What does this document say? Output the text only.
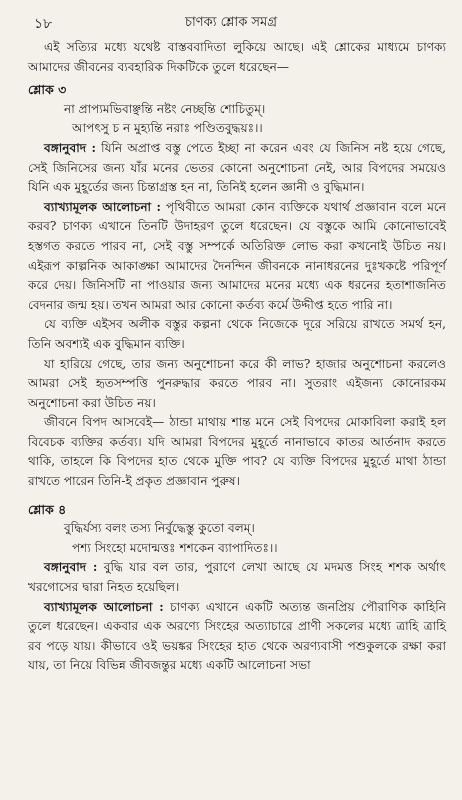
১৮	চাণক্য শ্লোক সমগ্র

এই সত্যির মধ্যে যথেষ্ট বাস্তববাদিতা লুকিয়ে আছে। এই শ্লোকের মাধ্যমে চাণক্য আমাদের জীবনের ব্যবহারিক দিকটিকে তুলে ধরেছেন—

শ্লোক ৩
না প্রাপ্যমভিবাঞ্ছন্তি নষ্টং নেচ্ছন্তি শোচিতুম্।
আপৎসু চ ন মুহ্যন্তি নরাঃ পণ্ডিতবুদ্ধয়ঃ।।

বঙ্গানুবাদ : যিনি অপ্রাপ্ত বস্তু পেতে ইচ্ছা না করেন এবং যে জিনিস নষ্ট হয়ে গেছে, সেই জিনিসের জন্য যাঁর মনের ভেতর কোনো অনুশোচনা নেই, আর বিপদের সময়েও যিনি এক মুহূর্তের জন্য চিন্তাগ্রস্ত হন না, তিনিই হলেন জ্ঞানী ও বুদ্ধিমান।

ব্যাখ্যামূলক আলোচনা : পৃথিবীতে আমরা কোন ব্যক্তিকে যথার্থ প্রজ্ঞাবান বলে মনে করব? চাণক্য এখানে তিনটি উদাহরণ তুলে ধরেছেন। যে বস্তুকে আমি কোনোভাবেই হস্তগত করতে পারব না, সেই বস্তু সম্পর্কে অতিরিক্ত লোভ করা কখনোই উচিত নয়। এইরূপ কাল্পনিক আকাঙ্ক্ষা আমাদের দৈনন্দিন জীবনকে নানাধরনের দুঃখকষ্টে পরিপূর্ণ করে দেয়। জিনিসটি না পাওয়ার জন্য আমাদের মনের মধ্যে এক ধরনের হতাশাজনিত বেদনার জন্ম হয়। তখন আমরা আর কোনো কর্তব্য কর্মে উদ্দীপ্ত হতে পারি না।

যে ব্যক্তি এইসব অলীক বস্তুর কল্পনা থেকে নিজেকে দূরে সরিয়ে রাখতে সমর্থ হন, তিনি অবশ্যই এক বুদ্ধিমান ব্যক্তি।

যা হারিয়ে গেছে, তার জন্য অনুশোচনা করে কী লাভ? হাজার অনুশোচনা করলেও আমরা সেই হৃতসম্পত্তি পুনরুদ্ধার করতে পারব না। সুতরাং এইজন্য কোনোরকম অনুশোচনা করা উচিত নয়।

জীবনে বিপদ আসবেই— ঠান্ডা মাথায় শান্ত মনে সেই বিপদের মোকাবিলা করাই হল বিবেচক ব্যক্তির কর্তব্য। যদি আমরা বিপদের মুহূর্তে নানাভাবে কাতর আর্তনাদ করতে থাকি, তাহলে কি বিপদের হাত থেকে মুক্তি পাব? যে ব্যক্তি বিপদের মুহূর্তে মাথা ঠান্ডা রাখতে পারেন তিনি-ই প্রকৃত প্রজ্ঞাবান পুরুষ।

শ্লোক ৪
বুদ্ধির্যস্য বলং তস্য নির্বুদ্ধেস্তু কুতো বলম্।
পশ্য সিংহো মদোন্মত্তঃ শশকেন ব্যাপাদিতঃ।।

বঙ্গানুবাদ : বুদ্ধি যার বল তার, পুরাণে লেখা আছে যে মদমত্ত সিংহ শশক অর্থাৎ খরগোসের দ্বারা নিহত হয়েছিল।

ব্যাখ্যামূলক আলোচনা : চাণক্য এখানে একটি অত্যন্ত জনপ্রিয় পৌরাণিক কাহিনি তুলে ধরেছেন। একবার এক অরণ্যে সিংহের অত্যাচারে প্রাণী সকলের মধ্যে ত্রাহি ত্রাহি রব পড়ে যায়। কীভাবে ওই ভয়ঙ্কর সিংহের হাত থেকে অরণ্যবাসী পশুকুলকে রক্ষা করা যায়, তা নিয়ে বিভিন্ন জীবজন্তুর মধ্যে একটি আলোচনা সভা
